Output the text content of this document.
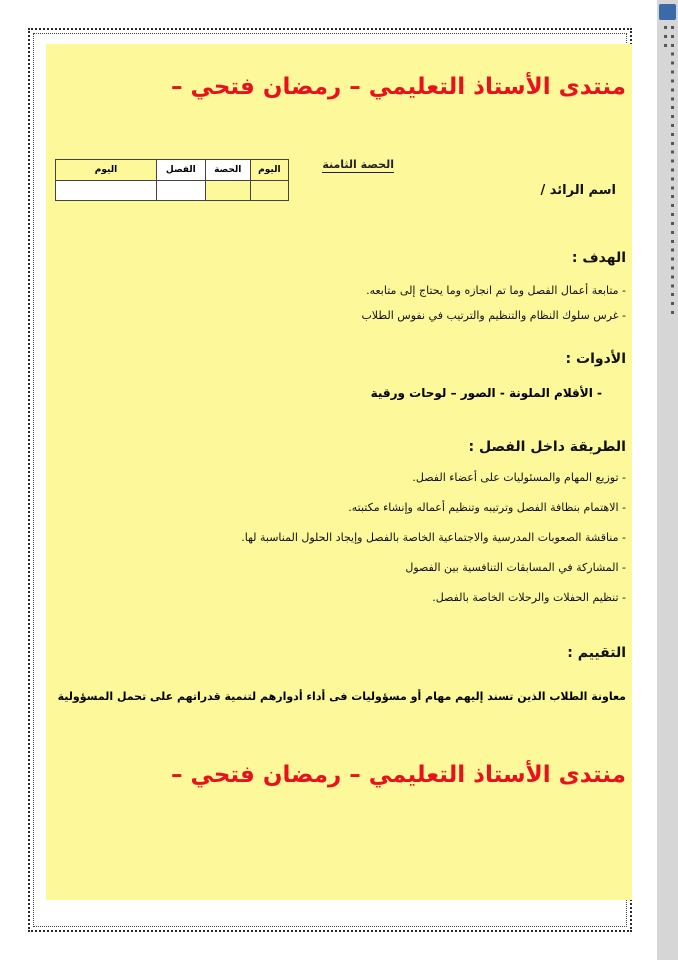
▪ ▪ ▪ ▪ ▪ ▪ ▪ ▪ ▪ ▪ ▪ ▪ ▪ ▪ ▪ ▪ ▪ ▪ ▪ ▪ ▪ ▪ ▪ ▪ ▪ ▪ ▪ ▪ ▪ ▪ ▪ ▪ ▪ ▪ ▪ ▪
منتدى الأستاذ التعليمي – رمضان فتحي –
الحصة الثامنة
اليوم	الحصة	الفصل	اليوم

اسم الرائد /
الهدف :
- متابعة أعمال الفصل وما تم انجازه وما يحتاج إلى متابعه.
- غرس سلوك النظام والتنظيم والترتيب في نفوس الطلاب
الأدوات :
- الأقلام الملونة - الصور – لوحات ورقية
الطريقة داخل الفصل :
- توزيع المهام والمسئوليات على أعضاء الفصل.
- الاهتمام بنظافة الفصل وترتيبه وتنظيم أعماله وإنشاء مكتبته.
- مناقشة الصعوبات المدرسية والاجتماعية الخاصة بالفصل وإيجاد الحلول المناسبة لها.
- المشاركة في المسابقات التنافسية بين الفصول
- تنظيم الحفلات والرحلات الخاصة بالفصل.
التقييم :
معاونة الطلاب الذين تسند إليهم مهام أو مسؤوليات فى أداء أدوارهم لتنمية قدراتهم على تحمل المسؤولية
منتدى الأستاذ التعليمي – رمضان فتحي –
